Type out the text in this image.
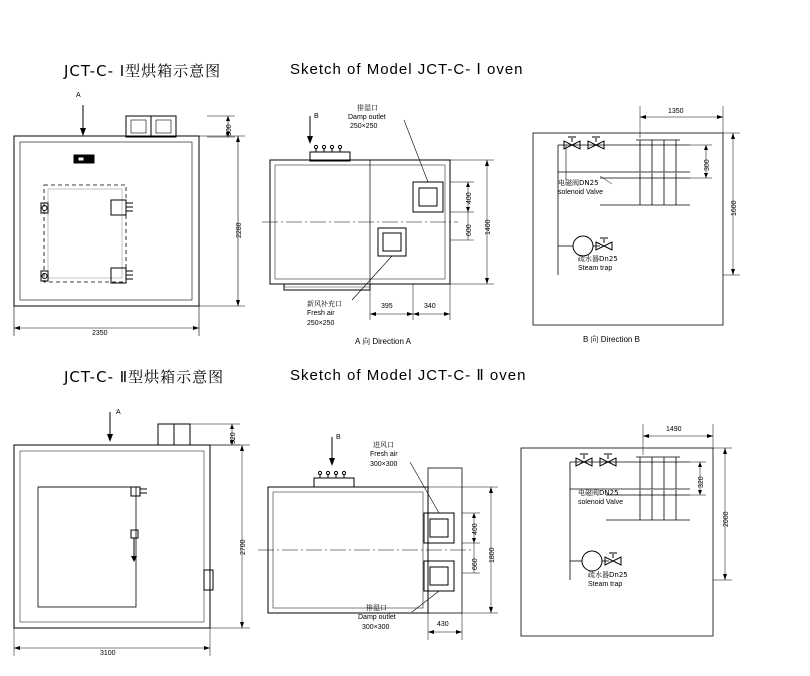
JCT-C- Ⅰ型烘箱示意图	Sketch of Model JCT-C- Ⅰ oven
JCT-C- Ⅱ型烘箱示意图	Sketch of Model JCT-C- Ⅱ oven
A
300
2280
2350
B
排湿口
Damp outlet
250×250
新风补充口
Fresh air
250×250
400
600 1400
395	340
A 向 Direction A
1350
300
1600
电磁阀DN25
solenoid Valve
疏水器Dn25
Steam trap
B 向 Direction B
A
320
2700
3100
B
进风口
Fresh air
300×300
排湿口
Damp outlet
300×300
400
660
1800
430
1490
320
2000
电磁阀DN25
solenoid Valve
疏水器Dn25
Steam trap
